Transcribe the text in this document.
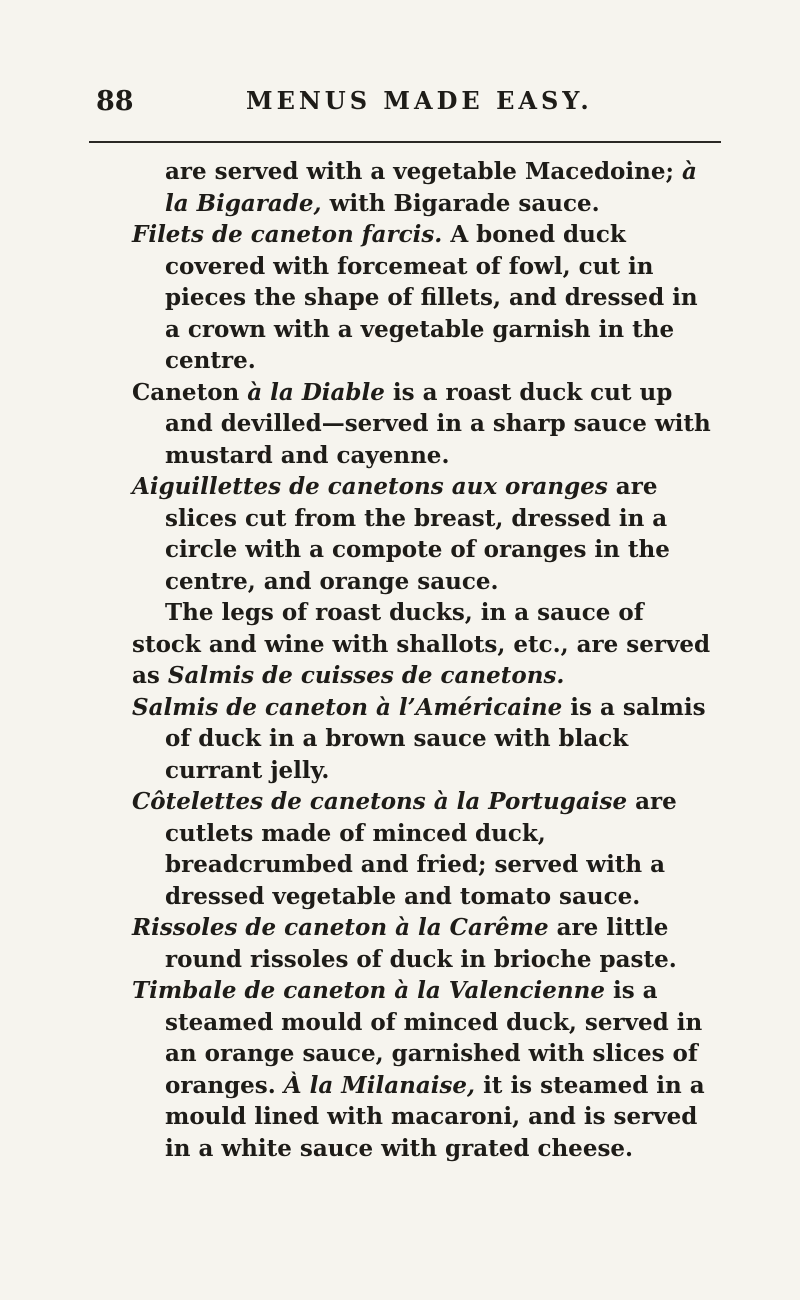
88	MENUS MADE EASY.

are served with a vegetable Macedoine; à la Bigarade, with Bigarade sauce.

Filets de caneton farcis. A boned duck covered with forcemeat of fowl, cut in pieces the shape of fillets, and dressed in a crown with a vegetable garnish in the centre.

Caneton à la Diable is a roast duck cut up and devilled—served in a sharp sauce with mustard and cayenne.

Aiguillettes de canetons aux oranges are slices cut from the breast, dressed in a circle with a compote of oranges in the centre, and orange sauce.

The legs of roast ducks, in a sauce of stock and wine with shallots, etc., are served as Salmis de cuisses de canetons.

Salmis de caneton à l’Américaine is a salmis of duck in a brown sauce with black currant jelly.

Côtelettes de canetons à la Portugaise are cutlets made of minced duck, breadcrumbed and fried; served with a dressed vegetable and tomato sauce.

Rissoles de caneton à la Carême are little round rissoles of duck in brioche paste.

Timbale de caneton à la Valencienne is a steamed mould of minced duck, served in an orange sauce, garnished with slices of oranges. À la Milanaise, it is steamed in a mould lined with macaroni, and is served in a white sauce with grated cheese.
